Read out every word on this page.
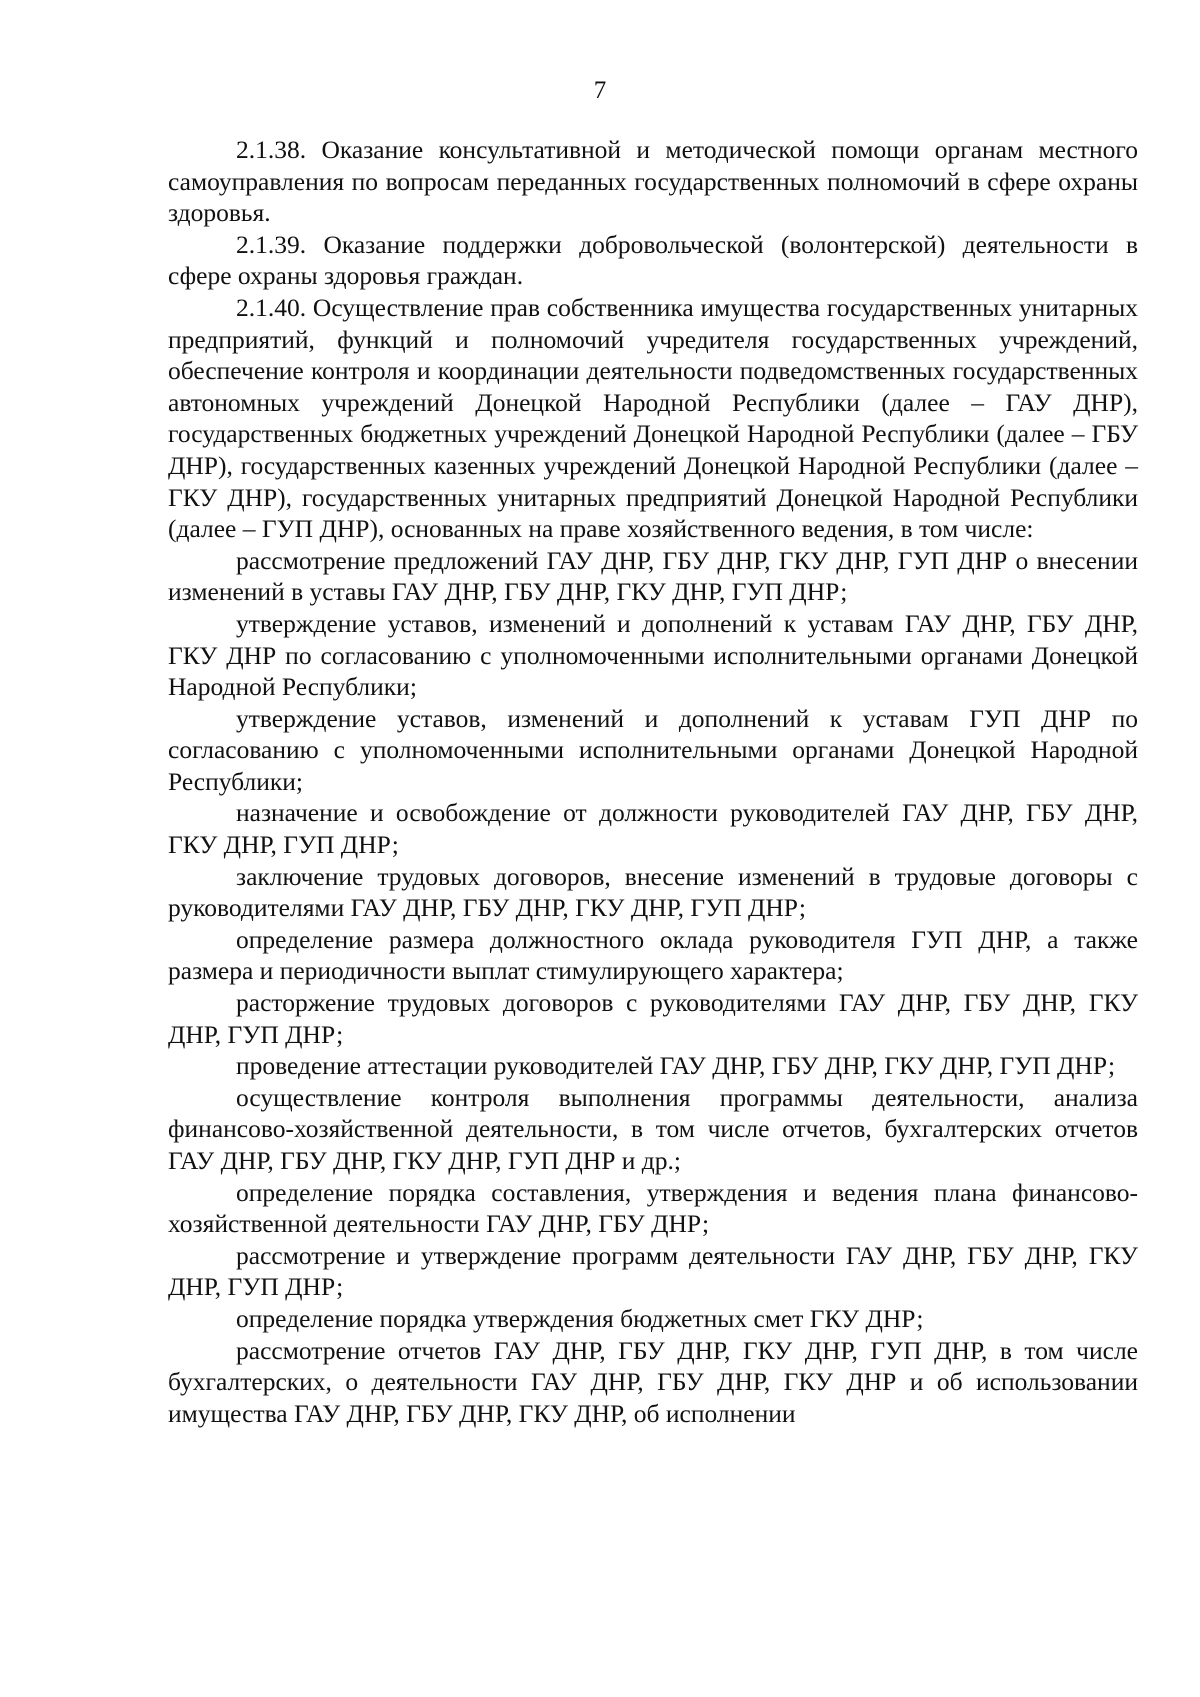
7

2.1.38. Оказание консультативной и методической помощи органам местного самоуправления по вопросам переданных государственных полномочий в сфере охраны здоровья.

2.1.39. Оказание поддержки добровольческой (волонтерской) деятельности в сфере охраны здоровья граждан.

2.1.40. Осуществление прав собственника имущества государственных унитарных предприятий, функций и полномочий учредителя государственных учреждений, обеспечение контроля и координации деятельности подведомственных государственных автономных учреждений Донецкой Народной Республики (далее – ГАУ ДНР), государственных бюджетных учреждений Донецкой Народной Республики (далее – ГБУ ДНР), государственных казенных учреждений Донецкой Народной Республики (далее – ГКУ ДНР), государственных унитарных предприятий Донецкой Народной Республики (далее – ГУП ДНР), основанных на праве хозяйственного ведения, в том числе:

рассмотрение предложений ГАУ ДНР, ГБУ ДНР, ГКУ ДНР, ГУП ДНР о внесении изменений в уставы ГАУ ДНР, ГБУ ДНР, ГКУ ДНР, ГУП ДНР;

утверждение уставов, изменений и дополнений к уставам ГАУ ДНР, ГБУ ДНР, ГКУ ДНР по согласованию с уполномоченными исполнительными органами Донецкой Народной Республики;

утверждение уставов, изменений и дополнений к уставам ГУП ДНР по согласованию с уполномоченными исполнительными органами Донецкой Народной Республики;

назначение и освобождение от должности руководителей ГАУ ДНР, ГБУ ДНР, ГКУ ДНР, ГУП ДНР;

заключение трудовых договоров, внесение изменений в трудовые договоры с руководителями ГАУ ДНР, ГБУ ДНР, ГКУ ДНР, ГУП ДНР;

определение размера должностного оклада руководителя ГУП ДНР, а также размера и периодичности выплат стимулирующего характера;

расторжение трудовых договоров с руководителями ГАУ ДНР, ГБУ ДНР, ГКУ ДНР, ГУП ДНР;

проведение аттестации руководителей ГАУ ДНР, ГБУ ДНР, ГКУ ДНР, ГУП ДНР;

осуществление контроля выполнения программы деятельности, анализа финансово-хозяйственной деятельности, в том числе отчетов, бухгалтерских отчетов ГАУ ДНР, ГБУ ДНР, ГКУ ДНР, ГУП ДНР и др.;

определение порядка составления, утверждения и ведения плана финансово-хозяйственной деятельности ГАУ ДНР, ГБУ ДНР;

рассмотрение и утверждение программ деятельности ГАУ ДНР, ГБУ ДНР, ГКУ ДНР, ГУП ДНР;

определение порядка утверждения бюджетных смет ГКУ ДНР;

рассмотрение отчетов ГАУ ДНР, ГБУ ДНР, ГКУ ДНР, ГУП ДНР, в том числе бухгалтерских, о деятельности ГАУ ДНР, ГБУ ДНР, ГКУ ДНР и об использовании имущества ГАУ ДНР, ГБУ ДНР, ГКУ ДНР, об исполнении
